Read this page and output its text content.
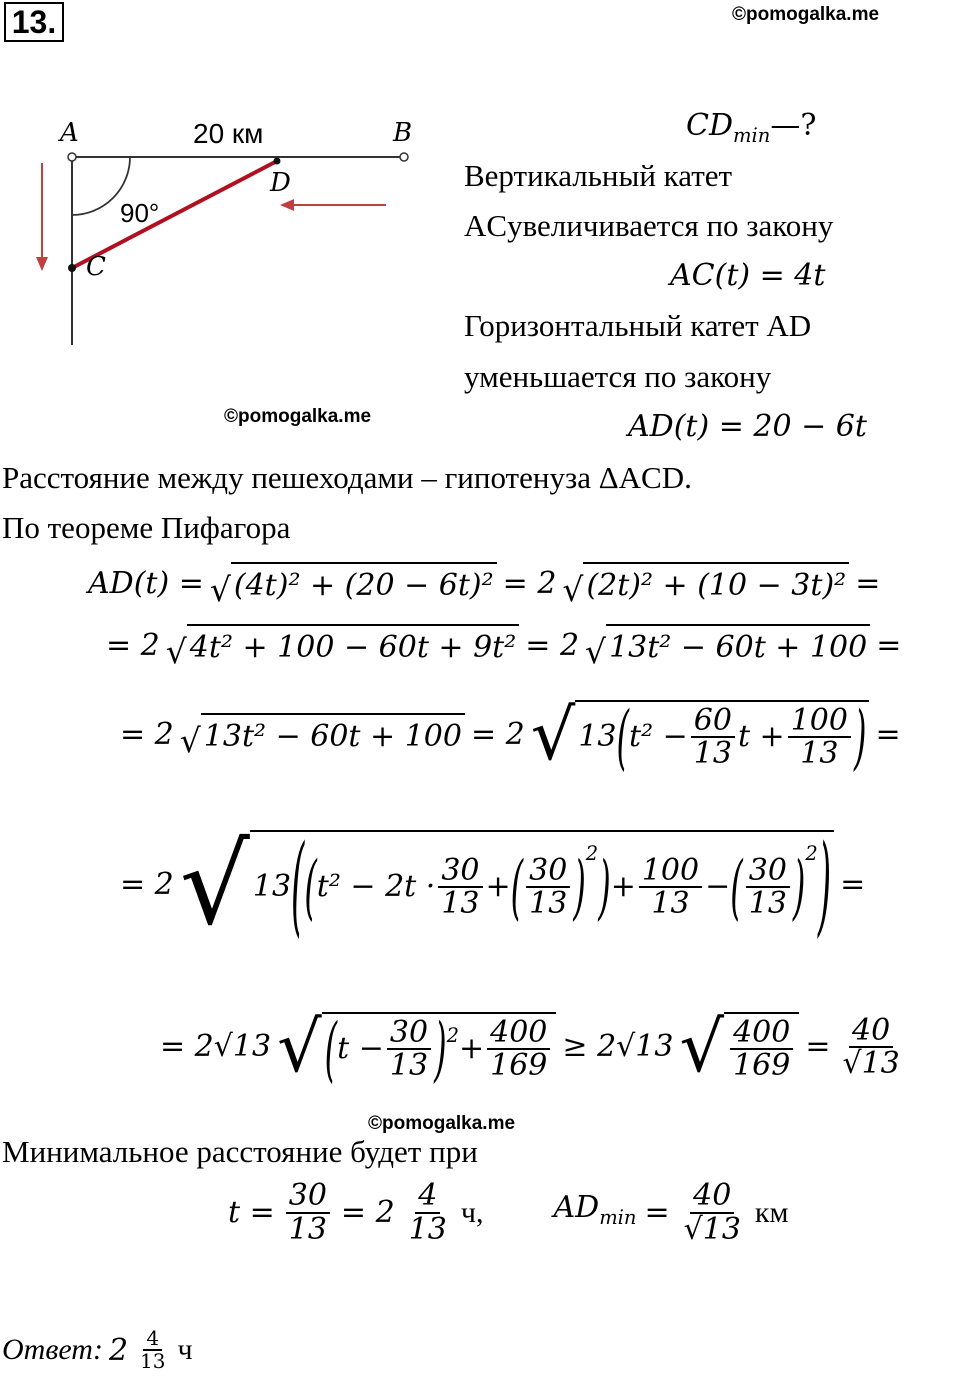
13.	©pomogalka.me
A	B
C
D
20 км
90°
©pomogalka.me
$CD_{min}—$?
Вертикальный катет
ACувеличивается по закону
AC(t) = 4t
Горизонтальный катет AD
уменьшается по закону
AD(t) = 20 − 6t
Расстояние между пешеходами – гипотенуза ΔACD.
По теореме Пифагора
AD(t) = √ (4t)² + (20 − 6t)² = 2 √ (2t)² + (10 − 3t)² =
= 2 √ 4t² + 100 − 60t + 9t² = 2 √ 13t² − 60t + 100 =
= 2 √ 13t² − 60t + 100 = 2 √ 13 ( $t^2 - \frac{60}{13}$ $t + \frac{100}{13}$ ) =
= 2 √ 13 ( ( $t^2 - 2t \cdot \frac{30}{13}$ + ( $\frac{30}{13} )^2$ ) + $\frac{100}{13}$ − ( $\frac{30}{13} )^2$ ) =
= 2√13 √ ( $t - \frac{30}{13} )^2 + \frac{400}{169} \ge 2√13$ √ $\frac{400}{169} = \frac{40}{√13}$
©pomogalka.me
Минимальное расстояние будет при
$t = \frac{30}{13} = 2 \frac{4}{13} ч$, $AD_{min} = \frac{40}{√13}$ км
Ответ: $2 \frac{4}{13}$ ч
